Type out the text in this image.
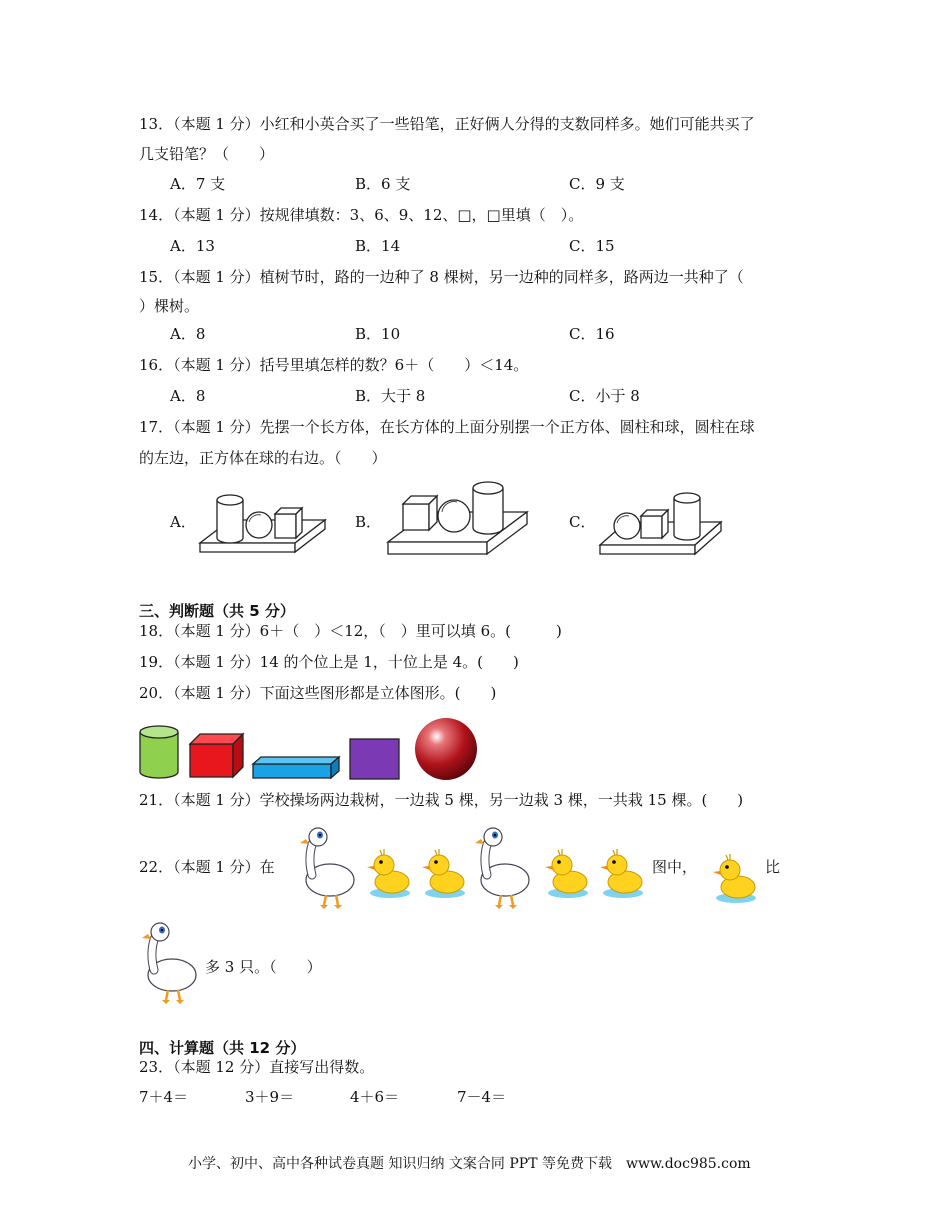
13．（本题 1 分）小红和小英合买了一些铅笔，正好俩人分得的支数同样多。她们可能共买了
几支铅笔？（　　）
A．7 支	B．6 支	C．9 支
14．（本题 1 分）按规律填数：3、6、9、12、□，□里填（　）。
A．13	B．14	C．15
15．（本题 1 分）植树节时，路的一边种了 8 棵树，另一边种的同样多，路两边一共种了（
）棵树。
A．8	B．10	C．16
16．（本题 1 分）括号里填怎样的数？6＋（　　）＜14。
A．8	B．大于 8	C．小于 8
17．（本题 1 分）先摆一个长方体，在长方体的上面分别摆一个正方体、圆柱和球，圆柱在球
的左边，正方体在球的右边。（　　）
A．	B．	C．
三、判断题（共 5 分）
18．（本题 1 分）6＋（　）＜12，（　）里可以填 6。(　　　)
19．（本题 1 分）14 的个位上是 1，十位上是 4。(　　)
20．（本题 1 分）下面这些图形都是立体图形。(　　)
21．（本题 1 分）学校操场两边栽树，一边栽 5 棵，另一边栽 3 棵，一共栽 15 棵。(　　)
22．（本题 1 分）在	图中，	比
多 3 只。（　　）
四、计算题（共 12 分）
23．（本题 12 分）直接写出得数。
7＋4＝	3＋9＝	4＋6＝	7－4＝
小学、初中、高中各种试卷真题 知识归纳 文案合同 PPT 等免费下载　www.doc985.com
